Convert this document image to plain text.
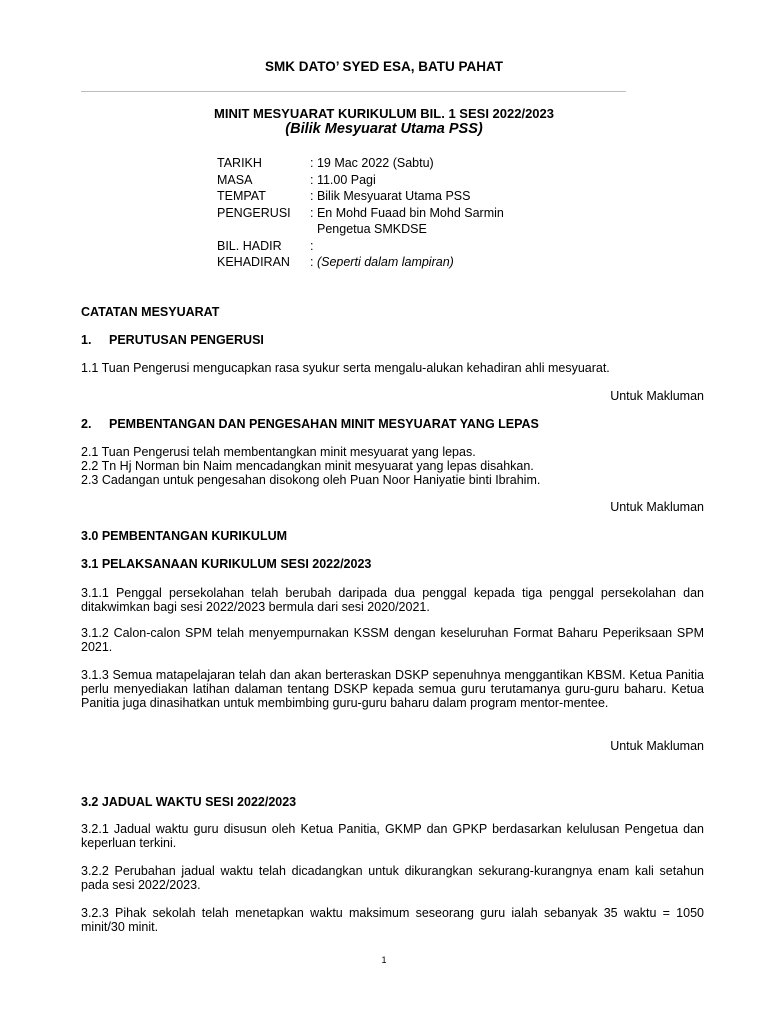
SMK DATO’ SYED ESA, BATU PAHAT
MINIT MESYUARAT KURIKULUM BIL. 1 SESI 2022/2023
(Bilik Mesyuarat Utama PSS)
TARIKH	: 19 Mac 2022 (Sabtu)
MASA	: 11.00 Pagi
TEMPAT	: Bilik Mesyuarat Utama PSS
PENGERUSI : En Mohd Fuaad bin Mohd Sarmin
Pengetua SMKDSE
BIL. HADIR :
KEHADIRAN : (Seperti dalam lampiran)
CATATAN MESYUARAT
1. PERUTUSAN PENGERUSI
1.1 Tuan Pengerusi mengucapkan rasa syukur serta mengalu-alukan kehadiran ahli mesyuarat.
Untuk Makluman
2. PEMBENTANGAN DAN PENGESAHAN MINIT MESYUARAT YANG LEPAS
2.1 Tuan Pengerusi telah membentangkan minit mesyuarat yang lepas.
2.2 Tn Hj Norman bin Naim mencadangkan minit mesyuarat yang lepas disahkan.
2.3 Cadangan untuk pengesahan disokong oleh Puan Noor Haniyatie binti Ibrahim.
Untuk Makluman
3.0 PEMBENTANGAN KURIKULUM
3.1 PELAKSANAAN KURIKULUM SESI 2022/2023
3.1.1 Penggal persekolahan telah berubah daripada dua penggal kepada tiga penggal persekolahan dan ditakwimkan bagi sesi 2022/2023 bermula dari sesi 2020/2021.
3.1.2 Calon-calon SPM telah menyempurnakan KSSM dengan keseluruhan Format Baharu Peperiksaan SPM 2021.
3.1.3 Semua matapelajaran telah dan akan berteraskan DSKP sepenuhnya menggantikan KBSM. Ketua Panitia perlu menyediakan latihan dalaman tentang DSKP kepada semua guru terutamanya guru-guru baharu. Ketua Panitia juga dinasihatkan untuk membimbing guru-guru baharu dalam program mentor-mentee.
Untuk Makluman
3.2 JADUAL WAKTU SESI 2022/2023
3.2.1 Jadual waktu guru disusun oleh Ketua Panitia, GKMP dan GPKP berdasarkan kelulusan Pengetua dan keperluan terkini.
3.2.2 Perubahan jadual waktu telah dicadangkan untuk dikurangkan sekurang-kurangnya enam kali setahun pada sesi 2022/2023.
3.2.3 Pihak sekolah telah menetapkan waktu maksimum seseorang guru ialah sebanyak 35 waktu = 1050 minit/30 minit.
1
